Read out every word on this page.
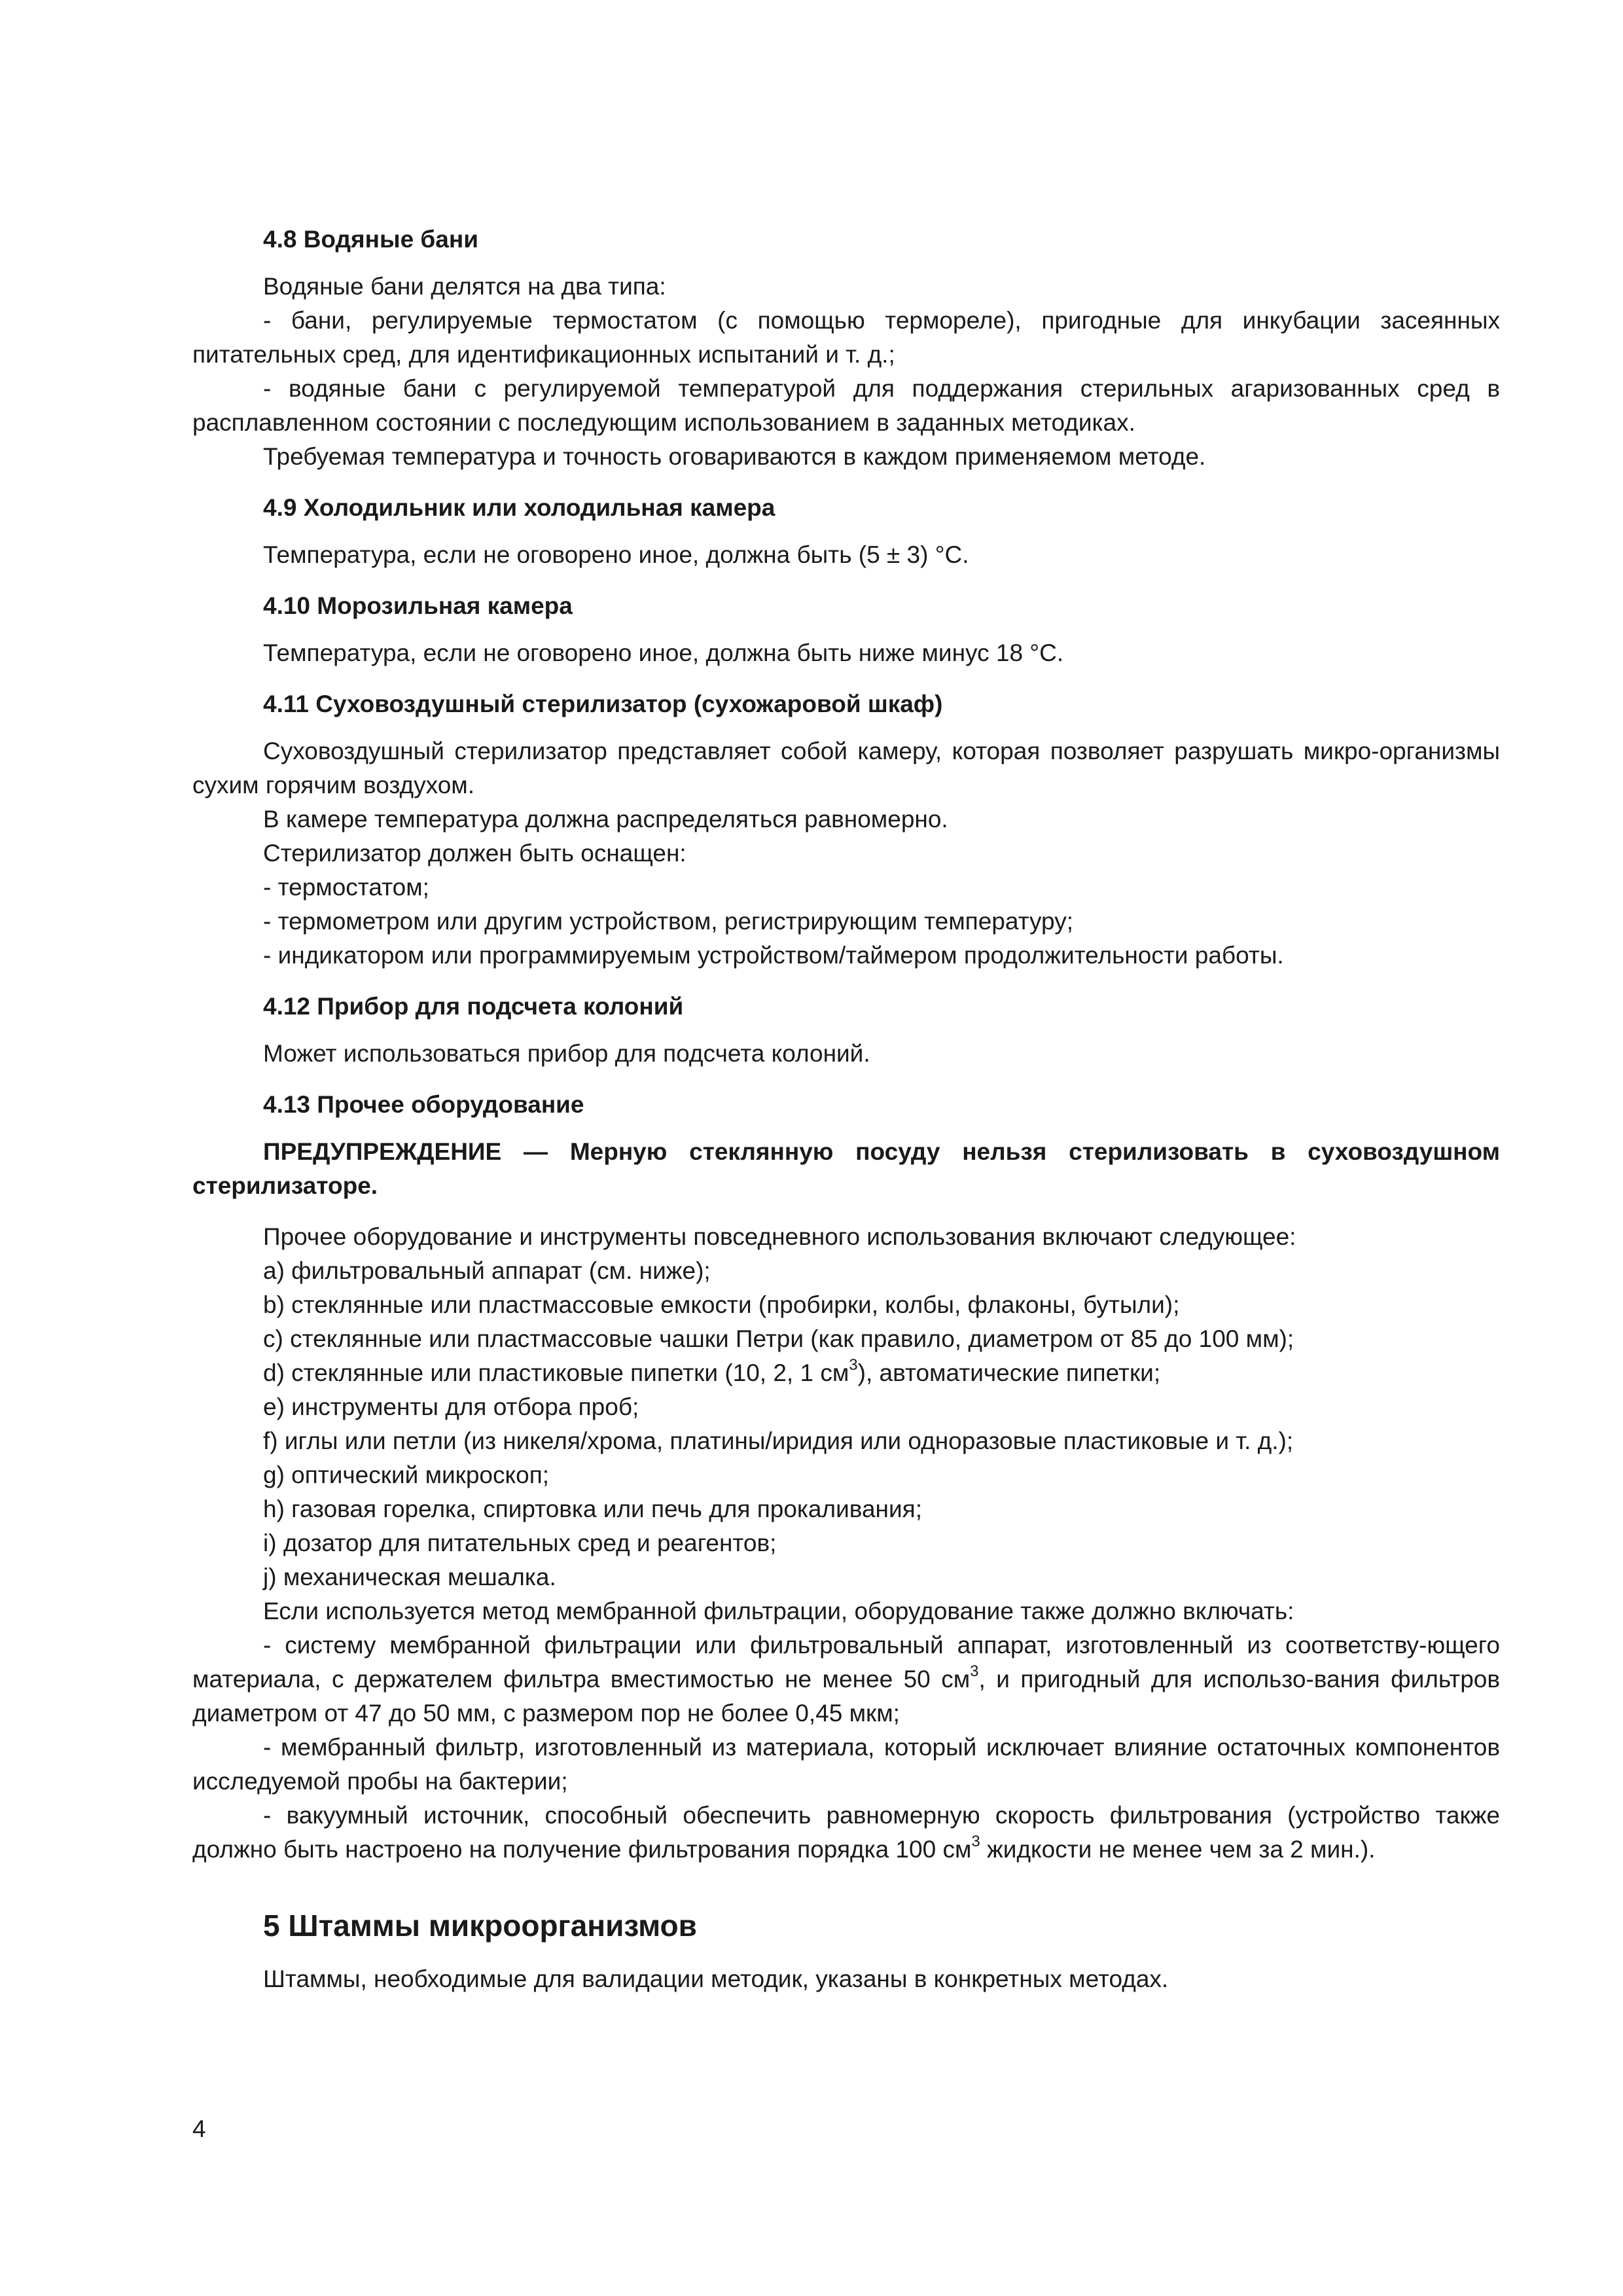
4.8 Водяные бани

Водяные бани делятся на два типа:

- бани, регулируемые термостатом (с помощью термореле), пригодные для инкубации засеянных питательных сред, для идентификационных испытаний и т. д.;

- водяные бани с регулируемой температурой для поддержания стерильных агаризованных сред в расплавленном состоянии с последующим использованием в заданных методиках.

Требуемая температура и точность оговариваются в каждом применяемом методе.

4.9 Холодильник или холодильная камера

Температура, если не оговорено иное, должна быть (5 ± 3) °С.

4.10 Морозильная камера

Температура, если не оговорено иное, должна быть ниже минус 18 °С.

4.11 Суховоздушный стерилизатор (сухожаровой шкаф)

Суховоздушный стерилизатор представляет собой камеру, которая позволяет разрушать микро-организмы сухим горячим воздухом.

В камере температура должна распределяться равномерно.

Стерилизатор должен быть оснащен:

- термостатом;

- термометром или другим устройством, регистрирующим температуру;

- индикатором или программируемым устройством/таймером продолжительности работы.

4.12 Прибор для подсчета колоний

Может использоваться прибор для подсчета колоний.

4.13 Прочее оборудование

ПРЕДУПРЕЖДЕНИЕ — Мерную стеклянную посуду нельзя стерилизовать в суховоздушном стерилизаторе.

Прочее оборудование и инструменты повседневного использования включают следующее:

a) фильтровальный аппарат (см. ниже);

b) стеклянные или пластмассовые емкости (пробирки, колбы, флаконы, бутыли);

c) стеклянные или пластмассовые чашки Петри (как правило, диаметром от 85 до 100 мм);

d) стеклянные или пластиковые пипетки (10, 2, 1 $см^3$), автоматические пипетки;

e) инструменты для отбора проб;

f) иглы или петли (из никеля/хрома, платины/иридия или одноразовые пластиковые и т. д.);

g) оптический микроскоп;

h) газовая горелка, спиртовка или печь для прокаливания;

i) дозатор для питательных сред и реагентов;

j) механическая мешалка.

Если используется метод мембранной фильтрации, оборудование также должно включать:

- систему мембранной фильтрации или фильтровальный аппарат, изготовленный из соответству-ющего материала, с держателем фильтра вместимостью не менее 50 $см^3$, и пригодный для использо-вания фильтров диаметром от 47 до 50 мм, с размером пор не более 0,45 мкм;

- мембранный фильтр, изготовленный из материала, который исключает влияние остаточных компонентов исследуемой пробы на бактерии;

- вакуумный источник, способный обеспечить равномерную скорость фильтрования (устройство также должно быть настроено на получение фильтрования порядка 100 $см^3$ жидкости не менее чем за 2 мин.).

5 Штаммы микроорганизмов

Штаммы, необходимые для валидации методик, указаны в конкретных методах.

4
